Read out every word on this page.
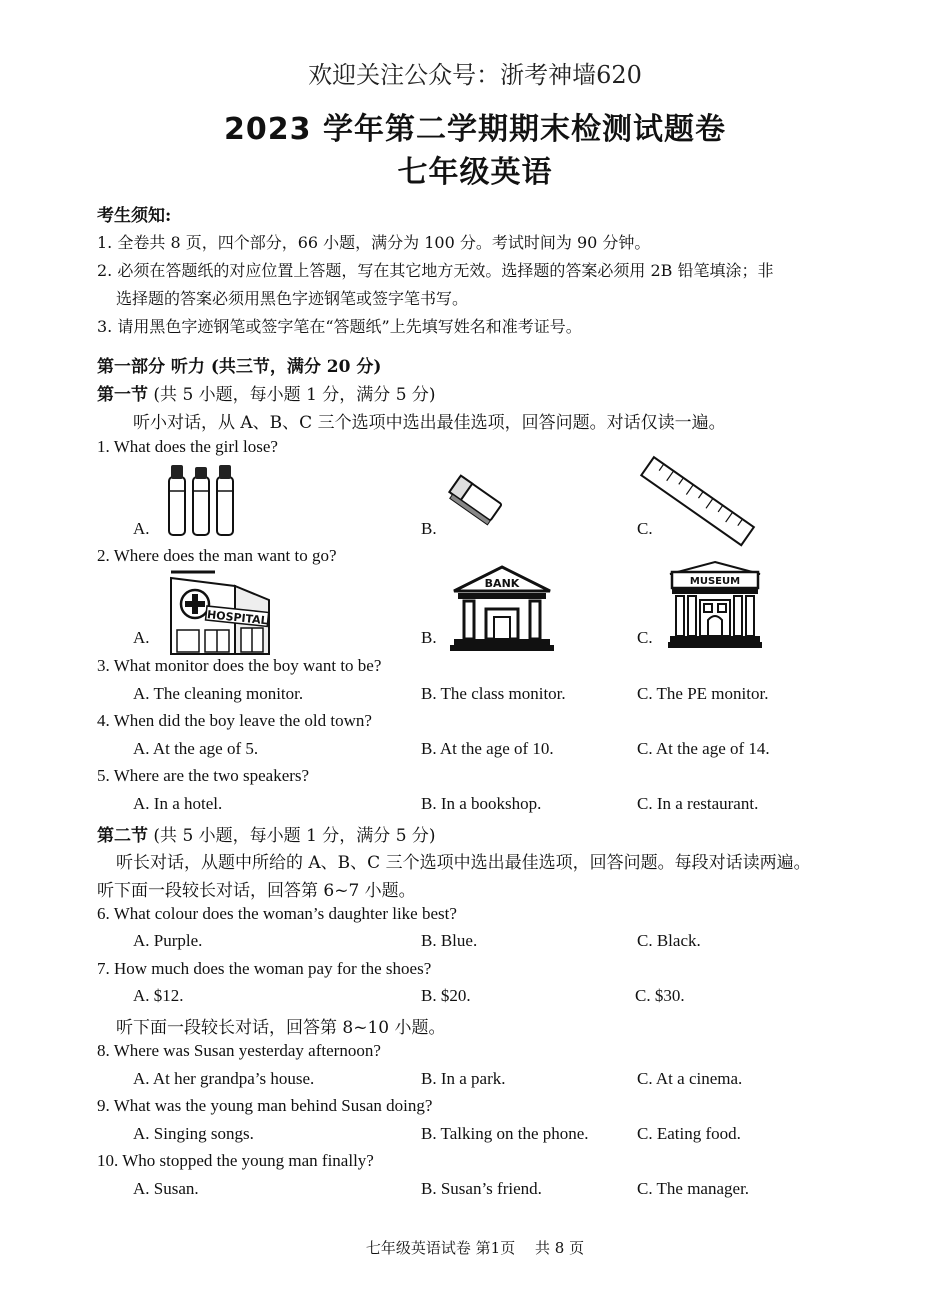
欢迎关注公众号：浙考神墙620
2023 学年第二学期期末检测试题卷
七年级英语
考生须知:
1. 全卷共 8 页，四个部分，66 小题，满分为 100 分。考试时间为 90 分钟。
2. 必须在答题纸的对应位置上答题，写在其它地方无效。选择题的答案必须用 2B 铅笔填涂；非
选择题的答案必须用黑色字迹钢笔或签字笔书写。
3. 请用黑色字迹钢笔或签字笔在“答题纸”上先填写姓名和准考证号。
第一部分 听力 (共三节，满分 20 分)
第一节 (共 5 小题，每小题 1 分，满分 5 分)
听小对话，从 A、B、C 三个选项中选出最佳选项，回答问题。对话仅读一遍。
1. What does the girl lose?
A.	B.	C.
2. Where does the man want to go?
A.	B.	C.
HOSPITAL
BANK	MUSEUM
3. What monitor does the boy want to be?
A. The cleaning monitor.	B. The class monitor.	C. The PE monitor.
4. When did the boy leave the old town?
A. At the age of 5.	B. At the age of 10.	C. At the age of 14.
5. Where are the two speakers?
A. In a hotel.	B. In a bookshop.	C. In a restaurant.
第二节 (共 5 小题，每小题 1 分，满分 5 分)
听长对话，从题中所给的 A、B、C 三个选项中选出最佳选项，回答问题。每段对话读两遍。
听下面一段较长对话，回答第 6~7 小题。
6. What colour does the woman’s daughter like best?
A. Purple.	B. Blue.	C. Black.
7. How much does the woman pay for the shoes?
A. $12.	B. $20.	C. $30.
听下面一段较长对话，回答第 8~10 小题。
8. Where was Susan yesterday afternoon?
A. At her grandpa’s house.	B. In a park.	C. At a cinema.
9. What was the young man behind Susan doing?
A. Singing songs.	B. Talking on the phone.	C. Eating food.
10. Who stopped the young man finally?
A. Susan.	B. Susan’s friend.	C. The manager.
七年级英语试卷 第1页　 共 8 页
